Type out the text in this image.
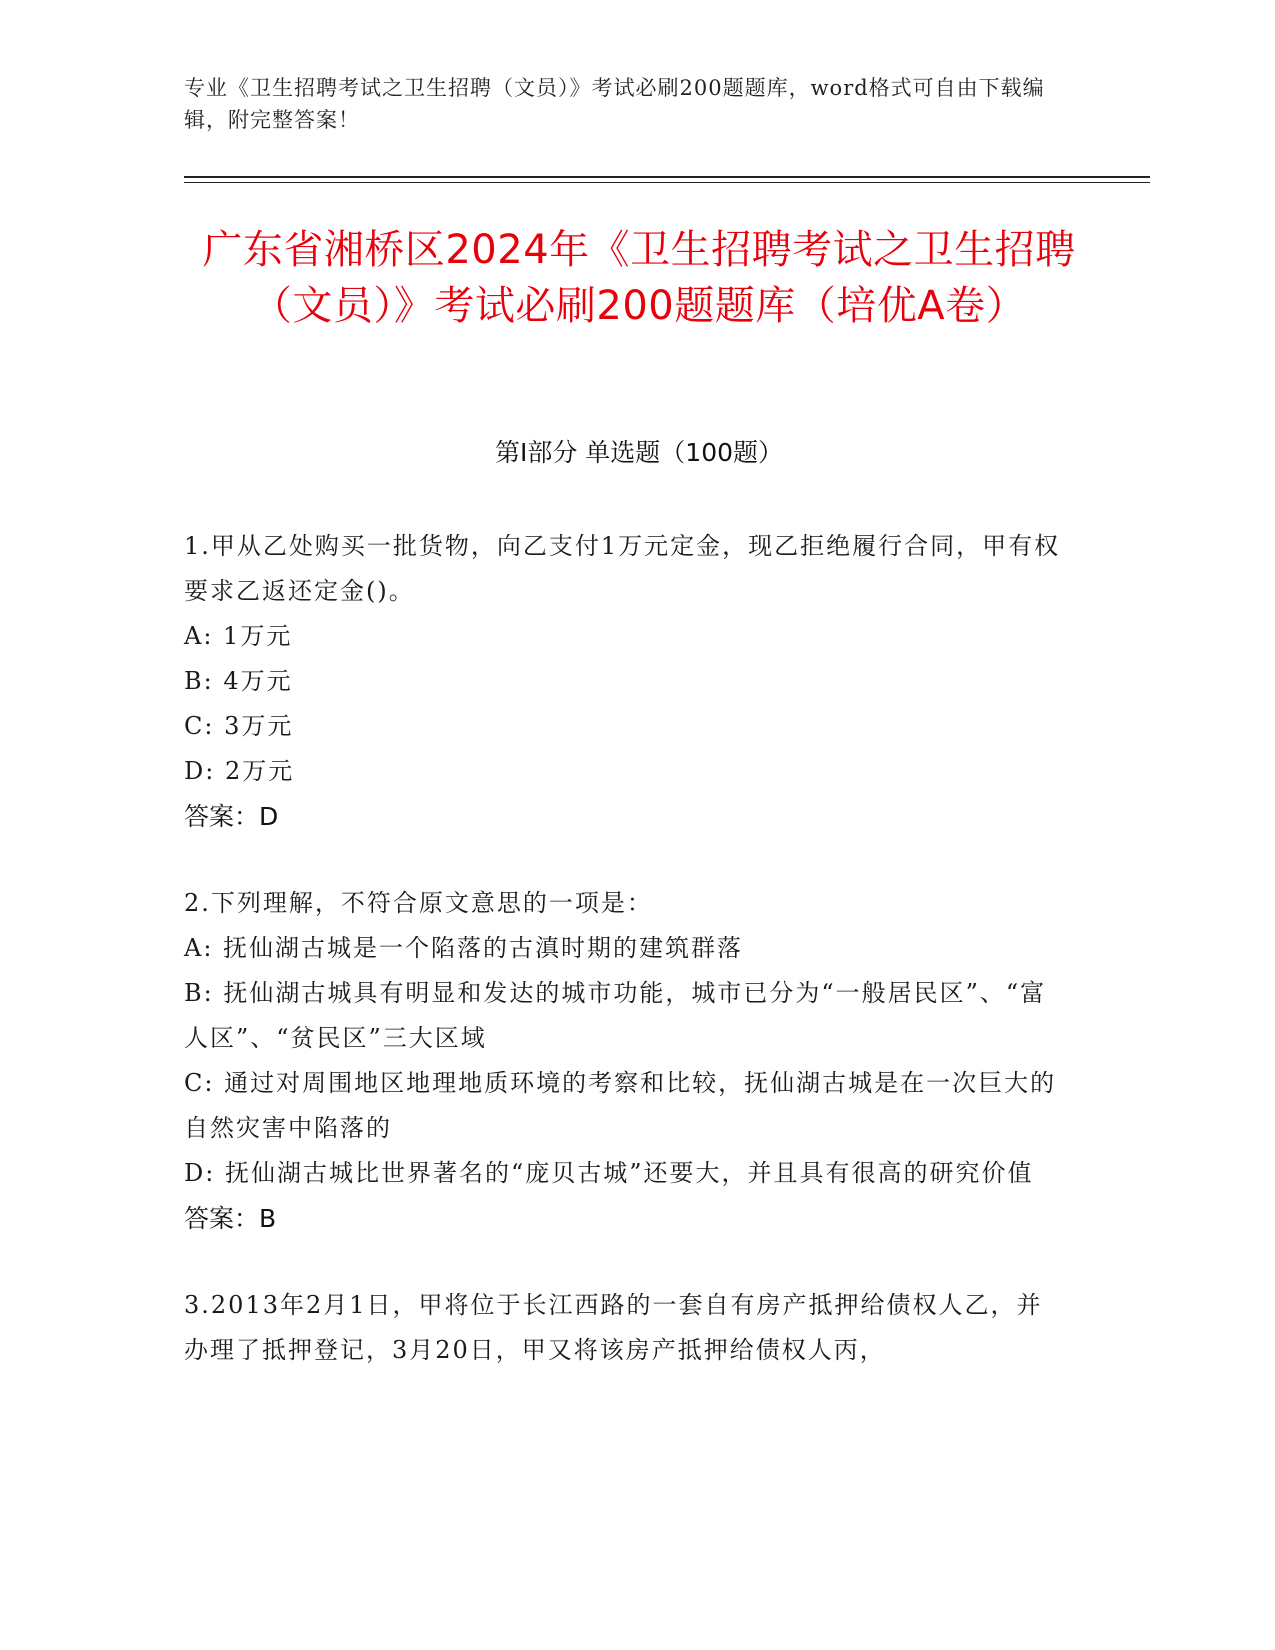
专业《卫生招聘考试之卫生招聘（文员）》考试必刷200题题库，word格式可自由下载编辑，附完整答案！
广东省湘桥区2024年《卫生招聘考试之卫生招聘（文员）》考试必刷200题题库（培优A卷）
第I部分 单选题（100题）

1.甲从乙处购买一批货物，向乙支付1万元定金，现乙拒绝履行合同，甲有权要求乙返还定金()。

A: 1万元

B: 4万元

C: 3万元

D: 2万元

答案：D

2.下列理解，不符合原文意思的一项是：

A: 抚仙湖古城是一个陷落的古滇时期的建筑群落

B: 抚仙湖古城具有明显和发达的城市功能，城市已分为“一般居民区”、“富人区”、“贫民区”三大区域

C: 通过对周围地区地理地质环境的考察和比较，抚仙湖古城是在一次巨大的自然灾害中陷落的

D: 抚仙湖古城比世界著名的“庞贝古城”还要大，并且具有很高的研究价值

答案：B

3.2013年2月1日，甲将位于长江西路的一套自有房产抵押给债权人乙，并办理了抵押登记，3月20日，甲又将该房产抵押给债权人丙，
